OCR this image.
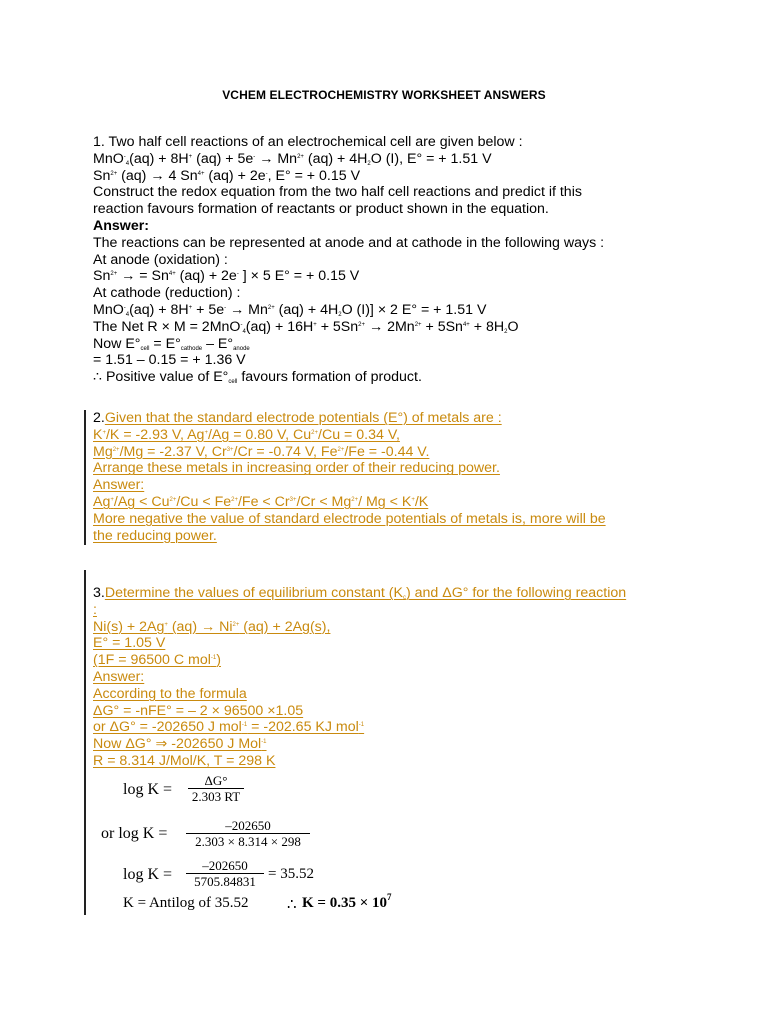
VCHEM ELECTROCHEMISTRY WORKSHEET ANSWERS
1. Two half cell reactions of an electrochemical cell are given below :
MnO-$_4$(aq) + 8H+ $(aq) + 5e^- \to Mn^{2+}$ $(aq) + 4H_2O$ (I), E° = + 1.51 V
$Sn^{2+}$ (aq) → 4 $Sn^{4+}$ (aq) + 2e-, E° = + 0.15 V
Construct the redox equation from the two half cell reactions and predict if this
reaction favours formation of reactants or product shown in the equation.
Answer:
The reactions can be represented at anode and at cathode in the following ways :
At anode (oxidation) :
$Sn^{2+}$ → = $Sn^{4+}$ (aq) + 2e- ] × 5 E° = + 0.15 V
At cathode (reduction) :
$MnO^-_4(aq) + 8H^+ + 5e^- \to Mn^{2+}$ $(aq) + 4H_2O$ (I)] × 2 E° = + 1.51 V
The Net $R \times M = 2MnO^-_4(aq) + 16H^+ + 5Sn^{2+} \to 2Mn^{2+} + 5Sn^{4+} + 8H_2O$
Now $E^\circ_{cell} = E^\circ_{cathode} - E^\circ_{anode}$
= 1.51 – 0.15 = + 1.36 V
∴ Positive value of $E^\circ_{cell}$ favours formation of product.
2.Given that the standard electrode potentials (E°) of metals are :
K+/K = -2.93 V, Ag+/Ag = 0.80 V, $Cu^{2+}/Cu = 0.34$ V,
$Mg^{2+}/Mg = -2.37$ V, $Cr^{3+}/Cr = -0.74$ V, $Fe^{2+}/Fe = -0.44$ V.
Arrange these metals in increasing order of their reducing power.
Answer:
$Ag^+/Ag < Cu^{2+}/Cu < Fe^{2+}/Fe < Cr^{3+}/Cr < Mg^{2+}/$ Mg < K+/K
More negative the value of standard electrode potentials of metals is, more will be
the reducing power.
3.Determine the values of equilibrium constant $(K_c)$ and ΔG° for the following reaction
:
Ni(s) + 2Ag+ $(aq) \to Ni^{2+}$ (aq) + 2Ag(s),
E° = 1.05 V
(1F = 96500 C mol$^{-1}$)
Answer:
According to the formula
ΔG° = -nFE° = – 2 × 96500 ×1.05
or ΔG° = -202650 J mol$^{-1}$ = -202.65 KJ mol$^{-1}$
Now ΔG° ⇒ -202650 J Mol$^{-1}$
R = 8.314 J/Mol/K, T = 298 K
log K =
ΔG°
2.303 RT
or log K =	–202650
2.303 × 8.314 × 298
log K =
–202650
5705.84831 = 35.52
K = Antilog of 35.52	∴ $K = 0.35 \times 10^7$
